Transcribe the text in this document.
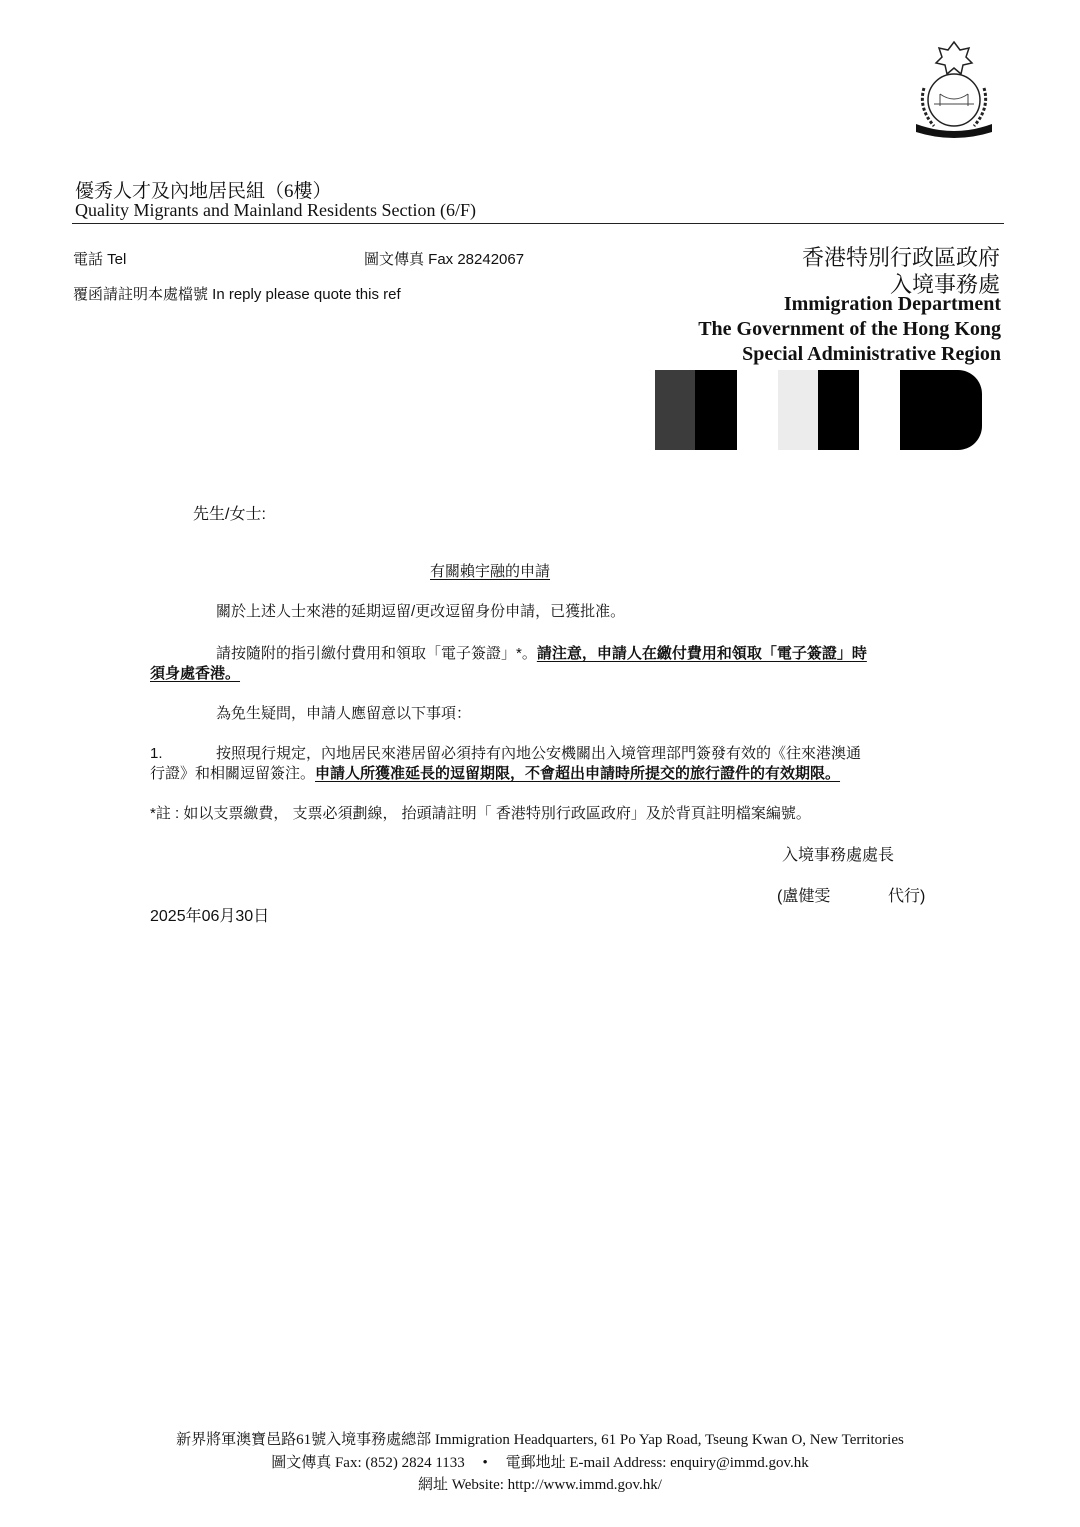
優秀人才及內地居民組（6樓）
Quality Migrants and Mainland Residents Section (6/F)
電話 Tel	圖文傳真 Fax 28242067
覆函請註明本處檔號 In reply please quote this ref
香港特別行政區政府
入境事務處
Immigration Department
The Government of the Hong Kong
Special Administrative Region
先生/女士:
有關賴宇融的申請
關於上述人士來港的延期逗留/更改逗留身份申請，已獲批准。
請按隨附的指引繳付費用和領取「電子簽證」*。請注意，申請人在繳付費用和領取「電子簽證」時
須身處香港。
為免生疑問，申請人應留意以下事項：
1.	按照現行規定，內地居民來港居留必須持有內地公安機關出入境管理部門簽發有效的《往來港澳通
行證》和相關逗留簽注。申請人所獲准延長的逗留期限，不會超出申請時所提交的旅行證件的有效期限。
*註 : 如以支票繳費， 支票必須劃線， 抬頭請註明「 香港特別行政區政府」及於背頁註明檔案編號。
入境事務處處長
(盧健雯	代行)
2025年06月30日
新界將軍澳寶邑路61號入境事務處總部 Immigration Headquarters, 61 Po Yap Road, Tseung Kwan O, New Territories
圖文傳真 Fax: (852) 2824 1133 • 電郵地址 E-mail Address: enquiry@immd.gov.hk
網址 Website: http://www.immd.gov.hk/
